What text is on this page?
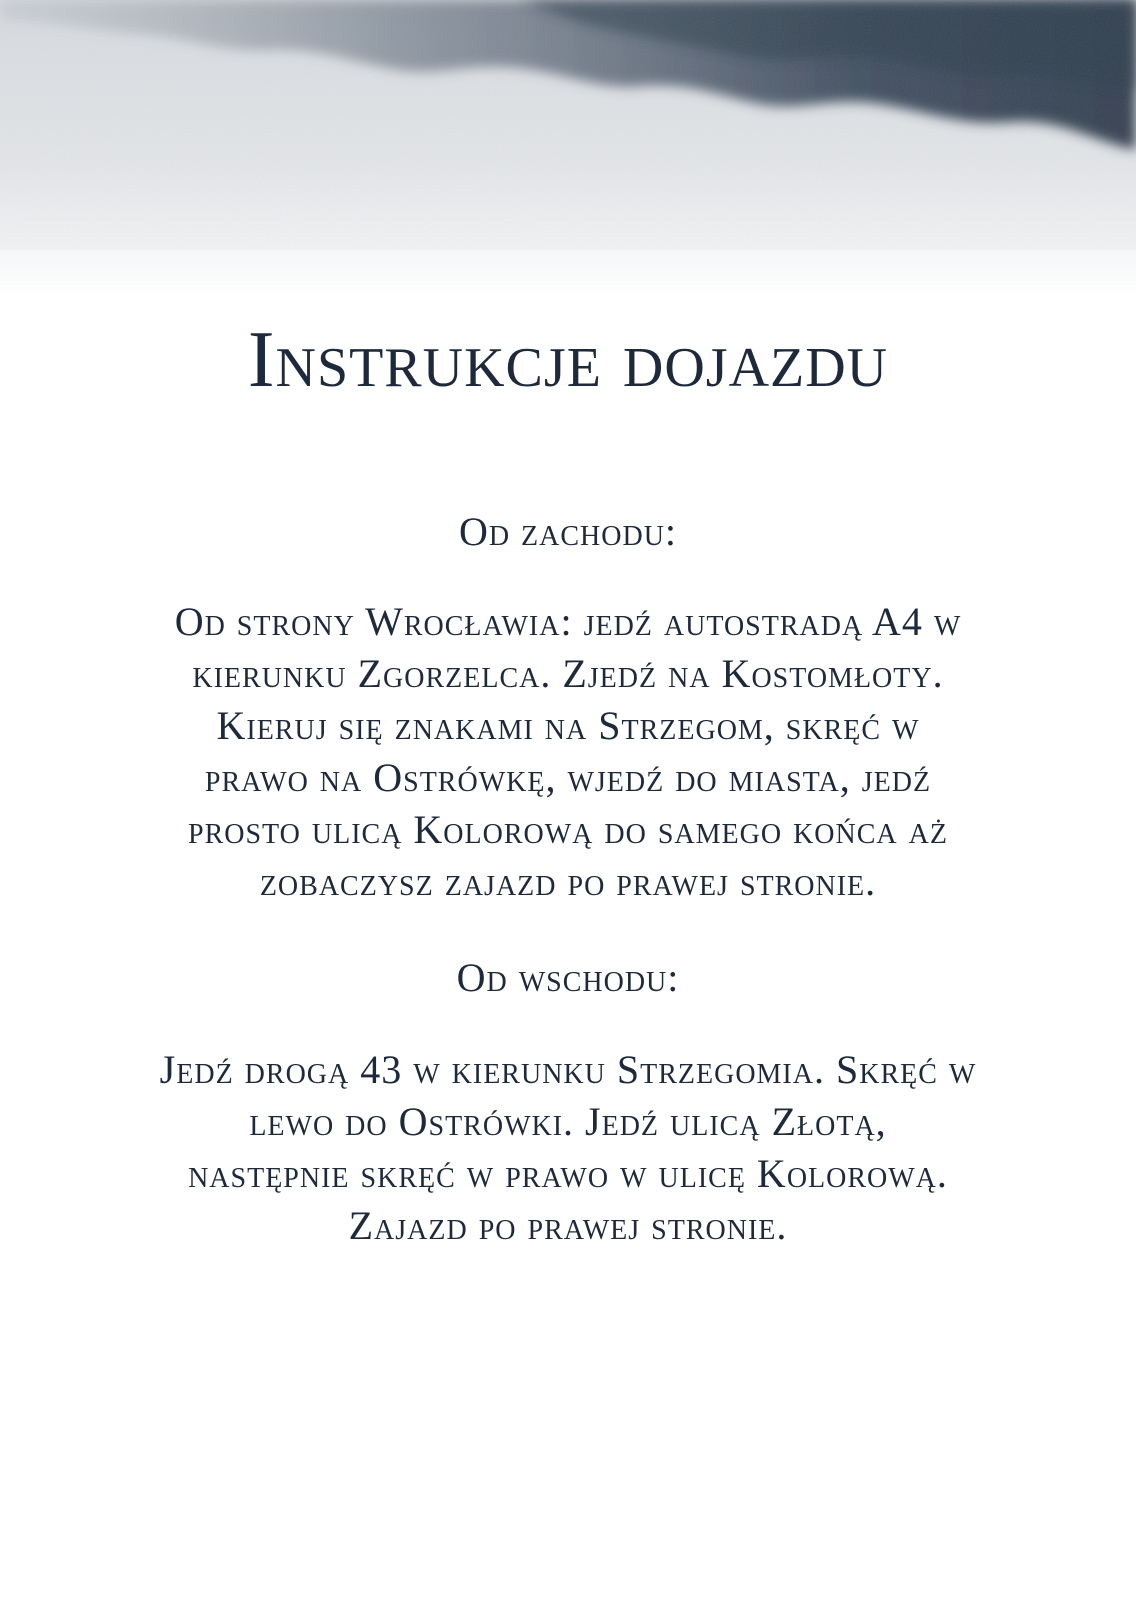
Instrukcje dojazdu

Od zachodu:

Od strony Wrocławia: jedź autostradą A4 w
kierunku Zgorzelca. Zjedź na Kostomłoty.
Kieruj się znakami na Strzegom, skręć w
prawo na Ostrówkę, wjedź do miasta, jedź
prosto ulicą Kolorową do samego końca aż
zobaczysz zajazd po prawej stronie.

Od wschodu:

Jedź drogą 43 w kierunku Strzegomia. Skręć w
lewo do Ostrówki. Jedź ulicą Złotą,
następnie skręć w prawo w ulicę Kolorową.
Zajazd po prawej stronie.
